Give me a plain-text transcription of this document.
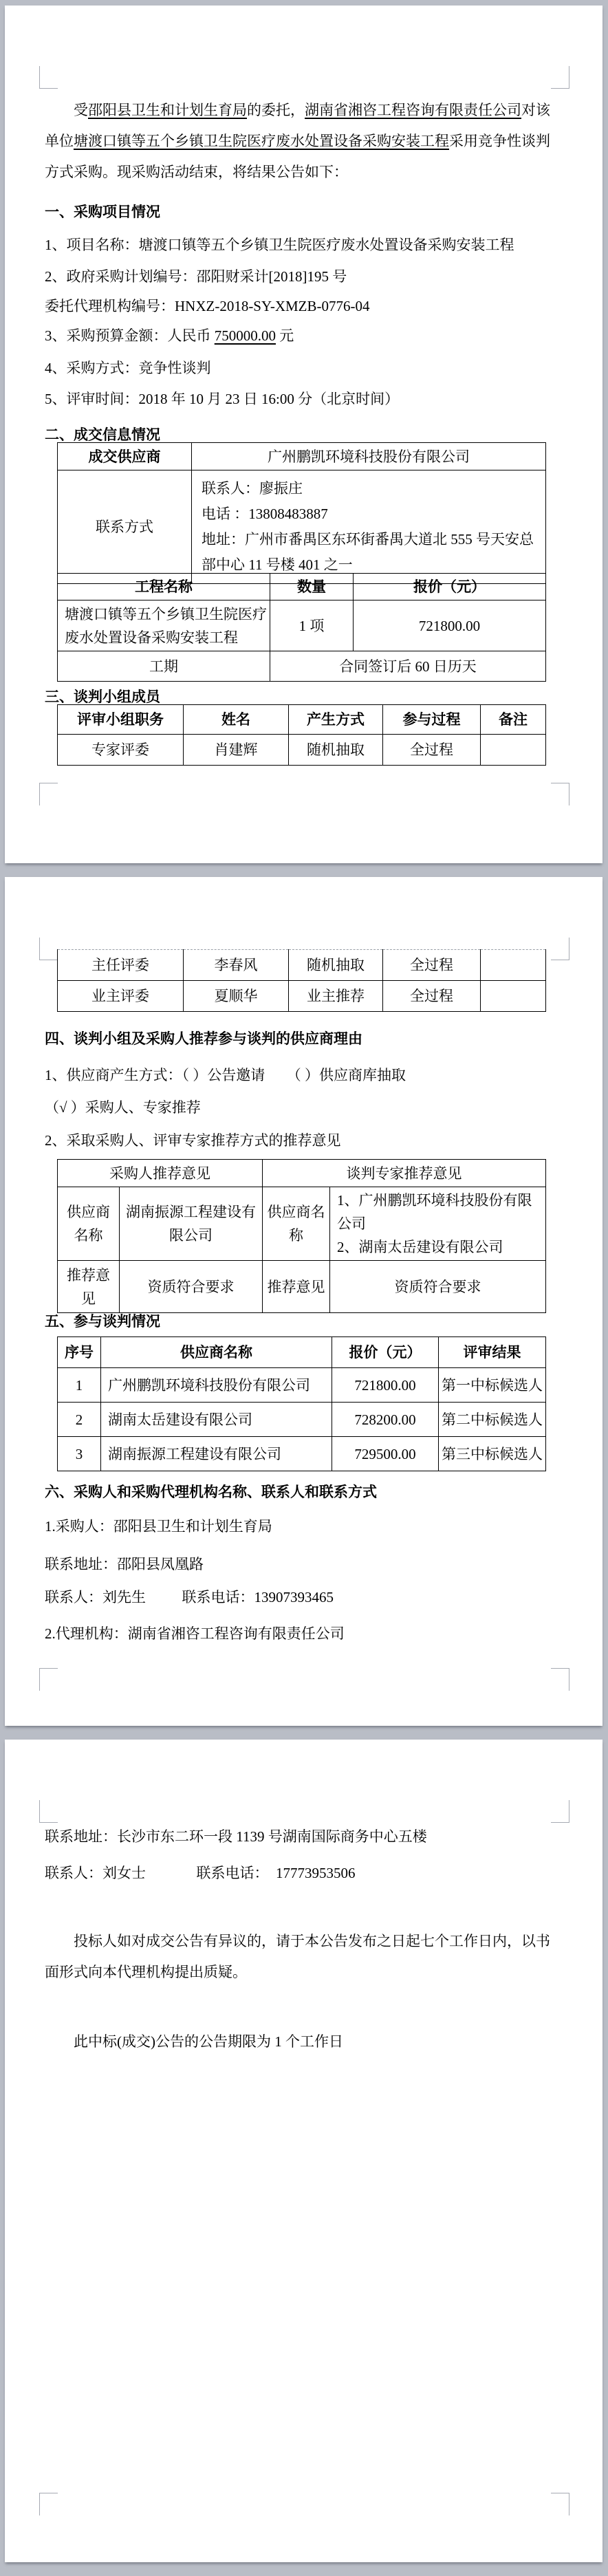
受邵阳县卫生和计划生育局的委托，湖南省湘咨工程咨询有限责任公司对该单位塘渡口镇等五个乡镇卫生院医疗废水处置设备采购安装工程采用竞争性谈判方式采购。现采购活动结束，将结果公告如下：

一、采购项目情况

1、项目名称：塘渡口镇等五个乡镇卫生院医疗废水处置设备采购安装工程

2、政府采购计划编号：邵阳财采计[2018]195 号

委托代理机构编号：HNXZ-2018-SY-XMZB-0776-04

3、采购预算金额：人民币 750000.00 元

4、采购方式：竞争性谈判

5、评审时间：2018 年 10 月 23 日 16:00 分（北京时间）

二、成交信息情况

成交供应商	广州鹏凯环境科技股份有限公司
联系方式	联系人：廖振庄
电话 ：13808483887
地址：广州市番禺区东环街番禺大道北 555 号天安总部中心 11 号楼 401 之一
工程名称	数量	报价（元）
塘渡口镇等五个乡镇卫生院医疗废水处置设备采购安装工程	1 项	721800.00
工期	合同签订后 60 日历天	

三、谈判小组成员

评审小组职务	姓名	产生方式	参与过程	备注
专家评委	肖建辉	随机抽取	全过程	
主任评委	李春风	随机抽取	全过程	
业主评委	夏顺华	业主推荐	全过程	

四、谈判小组及采购人推荐参与谈判的供应商理由

1、供应商产生方式：（ ）公告邀请      （ ）供应商库抽取

（√ ）采购人、专家推荐

2、采取采购人、评审专家推荐方式的推荐意见

采购人推荐意见		谈判专家推荐意见	
供应商名称	湖南振源工程建设有限公司	供应商名称	1、广州鹏凯环境科技股份有限公司
2、湖南太岳建设有限公司

推荐意见	资质符合要求	推荐意见	资质符合要求

五、参与谈判情况

序号	供应商名称	报价（元）	评审结果
1	广州鹏凯环境科技股份有限公司	721800.00	第一中标候选人
2	湖南太岳建设有限公司	728200.00	第二中标候选人
3	湖南振源工程建设有限公司	729500.00	第三中标候选人

六、采购人和采购代理机构名称、联系人和联系方式

1.采购人：邵阳县卫生和计划生育局

联系地址：邵阳县凤凰路

联系人：刘先生          联系电话：13907393465

2.代理机构：湖南省湘咨工程咨询有限责任公司

联系地址：长沙市东二环一段 1139 号湖南国际商务中心五楼

联系人：刘女士              联系电话：  17773953506

投标人如对成交公告有异议的，请于本公告发布之日起七个工作日内，以书面形式向本代理机构提出质疑。

此中标(成交)公告的公告期限为 1 个工作日
